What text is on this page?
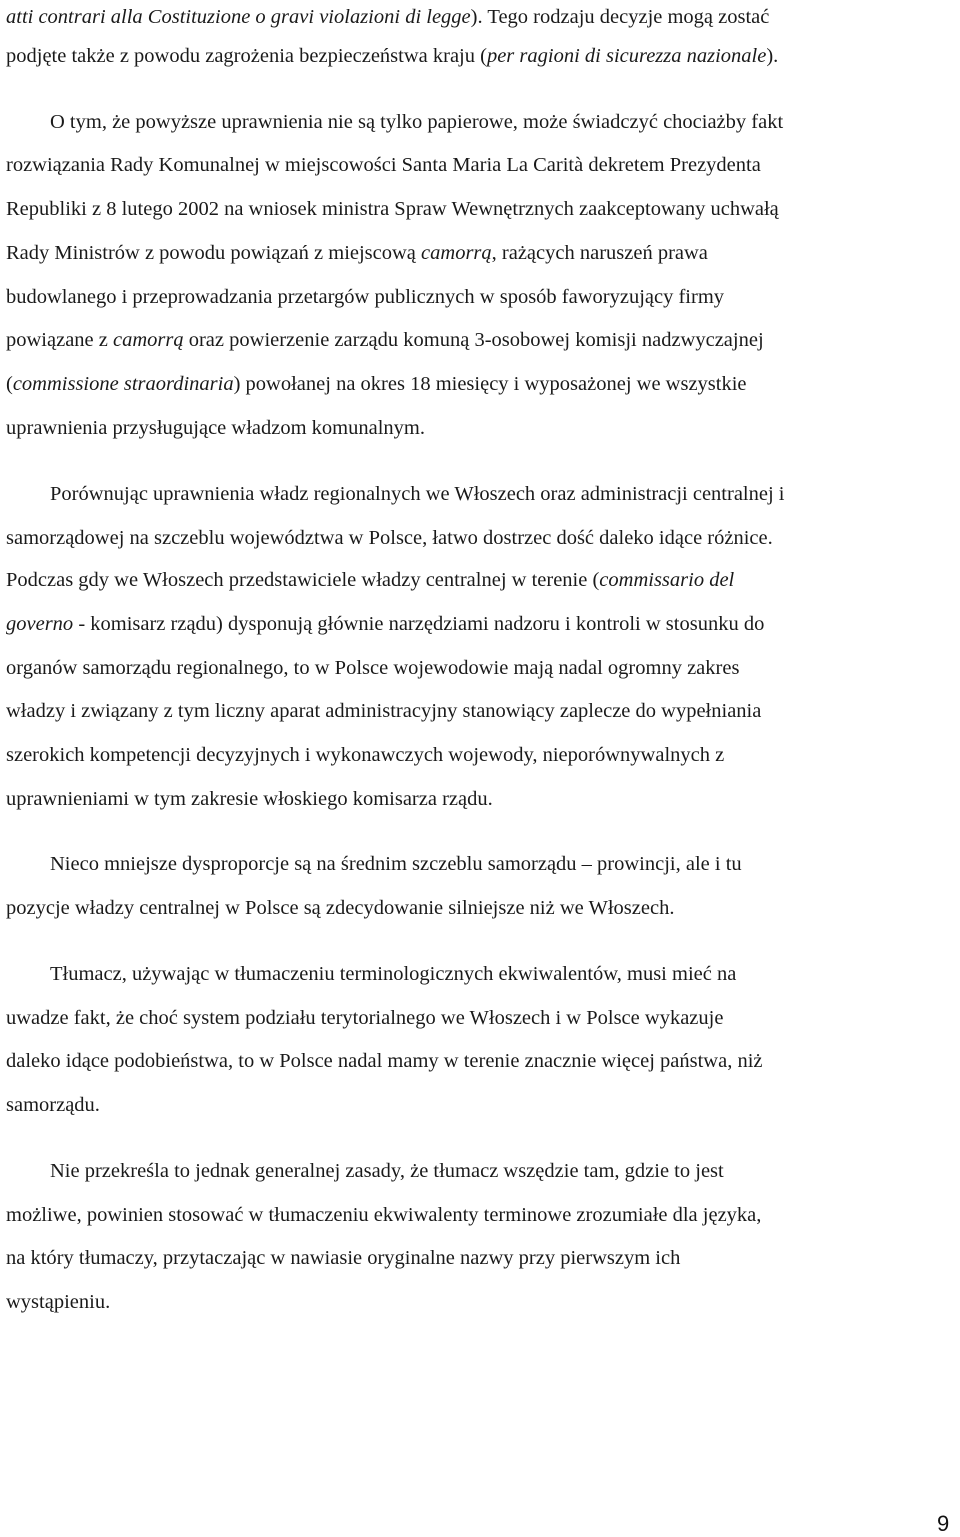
atti contrari alla Costituzione o gravi violazioni di legge). Tego rodzaju decyzje mogą zostać
podjęte także z powodu zagrożenia bezpieczeństwa kraju (per ragioni di sicurezza nazionale).
O tym, że powyższe uprawnienia nie są tylko papierowe, może świadczyć chociażby fakt
rozwiązania Rady Komunalnej w miejscowości Santa Maria La Carità dekretem Prezydenta
Republiki z 8 lutego 2002 na wniosek ministra Spraw Wewnętrznych zaakceptowany uchwałą
Rady Ministrów z powodu powiązań z miejscową camorrą, rażących naruszeń prawa
budowlanego i przeprowadzania przetargów publicznych w sposób faworyzujący firmy
powiązane z camorrą oraz powierzenie zarządu komuną 3-osobowej komisji nadzwyczajnej
(commissione straordinaria) powołanej na okres 18 miesięcy i wyposażonej we wszystkie
uprawnienia przysługujące władzom komunalnym.
Porównując uprawnienia władz regionalnych we Włoszech oraz administracji centralnej i
samorządowej na szczeblu województwa w Polsce, łatwo dostrzec dość daleko idące różnice.
Podczas gdy we Włoszech przedstawiciele władzy centralnej w terenie (commissario del
governo - komisarz rządu) dysponują głównie narzędziami nadzoru i kontroli w stosunku do
organów samorządu regionalnego, to w Polsce wojewodowie mają nadal ogromny zakres
władzy i związany z tym liczny aparat administracyjny stanowiący zaplecze do wypełniania
szerokich kompetencji decyzyjnych i wykonawczych wojewody, nieporównywalnych z
uprawnieniami w tym zakresie włoskiego komisarza rządu.
Nieco mniejsze dysproporcje są na średnim szczeblu samorządu – prowincji, ale i tu
pozycje władzy centralnej w Polsce są zdecydowanie silniejsze niż we Włoszech.
Tłumacz, używając w tłumaczeniu terminologicznych ekwiwalentów, musi mieć na
uwadze fakt, że choć system podziału terytorialnego we Włoszech i w Polsce wykazuje
daleko idące podobieństwa, to w Polsce nadal mamy w terenie znacznie więcej państwa, niż
samorządu.
Nie przekreśla to jednak generalnej zasady, że tłumacz wszędzie tam, gdzie to jest
możliwe, powinien stosować w tłumaczeniu ekwiwalenty terminowe zrozumiałe dla języka,
na który tłumaczy, przytaczając w nawiasie oryginalne nazwy przy pierwszym ich
wystąpieniu.
9
